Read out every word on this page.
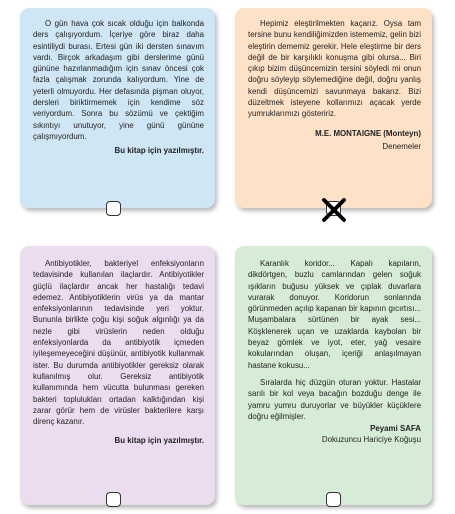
O gün hava çok sıcak olduğu için balkonda ders çalışıyordum. İçeriye göre biraz daha esintiliydi burası. Ertesi gün iki dersten sınavım vardı. Birçok arkadaşım gibi derslerime günü gününe hazırlanmadığım için sınav öncesi çok fazla çalışmak zorunda kalıyordum. Yine de yeterli olmuyordu. Her defasında pişman oluyor, dersleri biriktirmemek için kendime söz veriyordum. Sonra bu sözümü ve çektiğim sıkıntıyı unutuyor, yine günü gününe çalışmıyordum.

Bu kitap için yazılmıştır.

Hepimiz eleştirilmekten kaçarız. Oysa tam tersine bunu kendiliğimizden istememiz, gelin bizi eleştirin dememiz gerekir. Hele eleştirme bir ders değil de bir karşılıklı konuşma gibi olursa... Biri çıkıp bizim düşüncemizin tersini söyledi mi onun doğru söyleyip söylemediğine değil, doğru yanlış kendi düşüncemizi savunmaya bakarız. Bizi düzeltmek isteyene kollarımızı açacak yerde yumruklarımızı gösteririz.

M.E. MONTAIGNE (Monteyn)
Denemeler

Antibiyotikler, bakteriyel enfeksiyonların tedavisinde kullanılan ilaçlardır. Antibiyotikler güçlü ilaçlardır ancak her hastalığı tedavi edemez. Antibiyotiklerin virüs ya da mantar enfeksiyonlarının tedavisinde yeri yoktur. Bununla birlikte çoğu kişi soğuk algınlığı ya da nezle gibi virüslerin neden olduğu enfeksiyonlarda da antibiyotik içmeden iyileşemeyeceğini düşünür, antibiyotik kullanmak ister. Bu durumda antibiyotikler gereksiz olarak kullanılmış olur. Gereksiz antibiyotik kullanımında hem vücutta bulunması gereken bakteri toplulukları ortadan kalktığından kişi zarar görür hem de virüsler bakterilere karşı direnç kazanır.

Bu kitap için yazılmıştır.

Karanlık koridor... Kapalı kapıların, dikdörtgen, buzlu camlarından gelen soğuk ışıkların buğusu yüksek ve çıplak duvarlara vurarak donuyor. Koridorun sonlarında görünmeden açılıp kapanan bir kapının gıcırtısı... Muşambalara sürtünen bir ayak sesi... Köşklenerek uçan ve uzaklarda kaybolan bir beyaz gömlek ve iyot, eter, yağ vesaire kokularından oluşan, içeriği anlaşılmayan hastane kokusu...

Sıralarda hiç düzgün oturan yoktur. Hastalar sarılı bir kol veya bacağın bozduğu denge ile yamru yumru duruyorlar ve büyükler küçüklere doğru eğilmişler.

Peyami SAFA
Dokuzuncu Hariciye Koğuşu
